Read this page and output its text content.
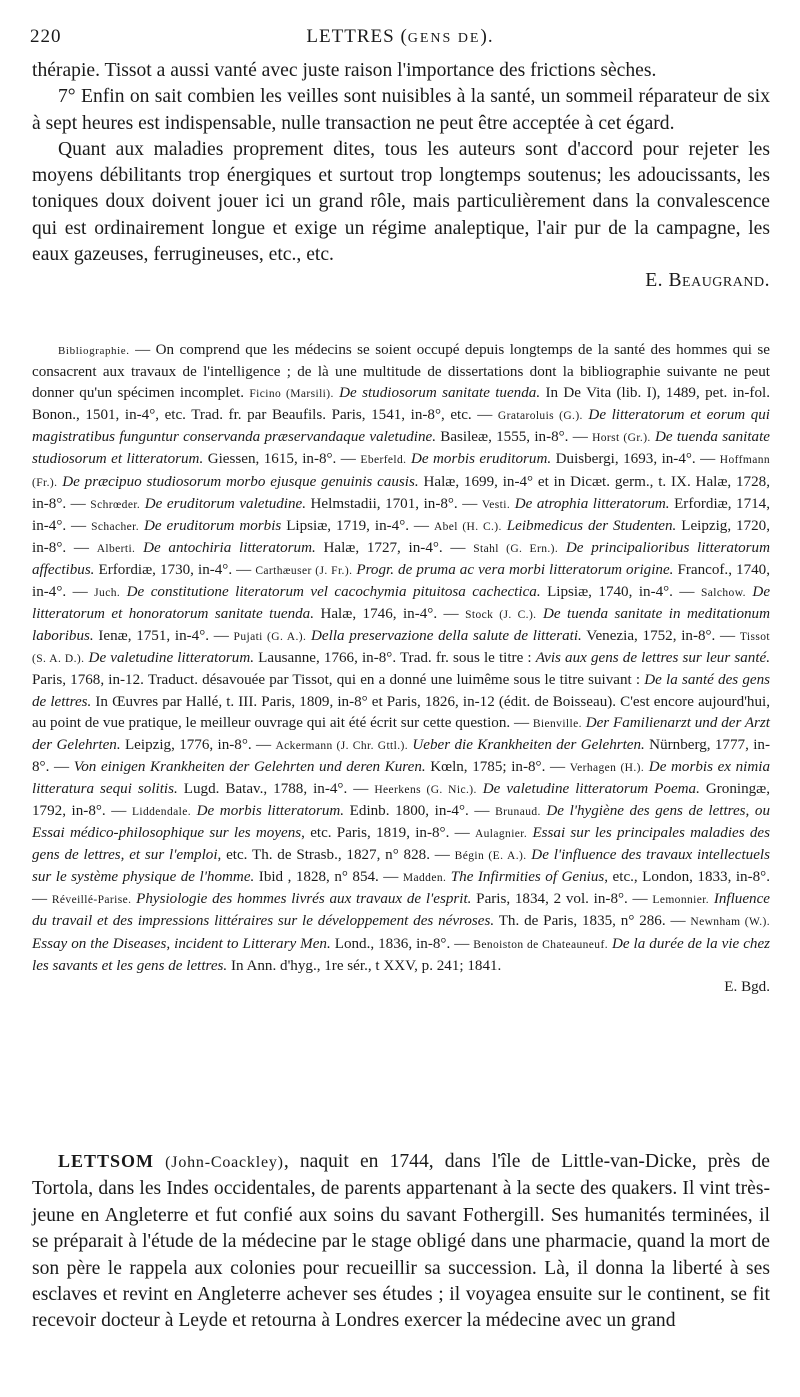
220	LETTRES (GENS DE).

thérapie. Tissot a aussi vanté avec juste raison l'importance des frictions sèches.

7° Enfin on sait combien les veilles sont nuisibles à la santé, un sommeil réparateur de six à sept heures est indispensable, nulle transaction ne peut être acceptée à cet égard.

Quant aux maladies proprement dites, tous les auteurs sont d'accord pour rejeter les moyens débilitants trop énergiques et surtout trop longtemps soutenus; les adoucissants, les toniques doux doivent jouer ici un grand rôle, mais particulièrement dans la convalescence qui est ordinairement longue et exige un régime analeptique, l'air pur de la campagne, les eaux gazeuses, ferrugineuses, etc., etc.

E. Beaugrand.

Bibliographie. — On comprend que les médecins se soient occupé depuis longtemps de la santé des hommes qui se consacrent aux travaux de l'intelligence ; de là une multitude de dissertations dont la bibliographie suivante ne peut donner qu'un spécimen incomplet. Ficino (Marsili). De studiosorum sanitate tuenda. In De Vita (lib. I), 1489, pet. in-fol. Bonon., 1501, in-4°, etc. Trad. fr. par Beaufils. Paris, 1541, in-8°, etc. — Grataroluis (G.). De litteratorum et eorum qui magistratibus funguntur conservanda præservandaque valetudine. Basileæ, 1555, in-8°. — Horst (Gr.). De tuenda sanitate studiosorum et litteratorum. Giessen, 1615, in-8°. — Eberfeld. De morbis eruditorum. Duisbergi, 1693, in-4°. — Hoffmann (Fr.). De præcipuo studiosorum morbo ejusque genuinis causis. Halæ, 1699, in-4° et in Dicæt. germ., t. IX. Halæ, 1728, in-8°. — Schrœder. De eruditorum valetudine. Helmstadii, 1701, in-8°. — Vesti. De atrophia litteratorum. Erfordiæ, 1714, in-4°. — Schacher. De eruditorum morbis Lipsiæ, 1719, in-4°. — Abel (H. C.). Leibmedicus der Studenten. Leipzig, 1720, in-8°. — Alberti. De antochiria litteratorum. Halæ, 1727, in-4°. — Stahl (G. Ern.). De principalioribus litteratorum affectibus. Erfordiæ, 1730, in-4°. — Carthæuser (J. Fr.). Progr. de pruma ac vera morbi litteratorum origine. Francof., 1740, in-4°. — Juch. De constitutione literatorum vel cacochymia pituitosa cachectica. Lipsiæ, 1740, in-4°. — Salchow. De litteratorum et honoratorum sanitate tuenda. Halæ, 1746, in-4°. — Stock (J. C.). De tuenda sanitate in meditationum laboribus. Ienæ, 1751, in-4°. — Pujati (G. A.). Della preservazione della salute de litterati. Venezia, 1752, in-8°. — Tissot (S. A. D.). De valetudine litteratorum. Lausanne, 1766, in-8°. Trad. fr. sous le titre : Avis aux gens de lettres sur leur santé. Paris, 1768, in-12. Traduct. désavouée par Tissot, qui en a donné une luimême sous le titre suivant : De la santé des gens de lettres. In Œuvres par Hallé, t. III. Paris, 1809, in-8° et Paris, 1826, in-12 (édit. de Boisseau). C'est encore aujourd'hui, au point de vue pratique, le meilleur ouvrage qui ait été écrit sur cette question. — Bienville. Der Familienarzt und der Arzt der Gelehrten. Leipzig, 1776, in-8°. — Ackermann (J. Chr. Gttl.). Ueber die Krankheiten der Gelehrten. Nürnberg, 1777, in-8°. — Von einigen Krankheiten der Gelehrten und deren Kuren. Kœln, 1785; in-8°. — Verhagen (H.). De morbis ex nimia litteratura sequi solitis. Lugd. Batav., 1788, in-4°. — Heerkens (G. Nic.). De valetudine litteratorum Poema. Groningæ, 1792, in-8°. — Liddendale. De morbis litteratorum. Edinb. 1800, in-4°. — Brunaud. De l'hygiène des gens de lettres, ou Essai médico-philosophique sur les moyens, etc. Paris, 1819, in-8°. — Aulagnier. Essai sur les principales maladies des gens de lettres, et sur l'emploi, etc. Th. de Strasb., 1827, n° 828. — Bégin (E. A.). De l'influence des travaux intellectuels sur le système physique de l'homme. Ibid , 1828, n° 854. — Madden. The Infirmities of Genius, etc., London, 1833, in-8°. — Réveillé-Parise. Physiologie des hommes livrés aux travaux de l'esprit. Paris, 1834, 2 vol. in-8°. — Lemonnier. Influence du travail et des impressions littéraires sur le développement des névroses. Th. de Paris, 1835, n° 286. — Newnham (W.). Essay on the Diseases, incident to Litterary Men. Lond., 1836, in-8°. — Benoiston de Chateauneuf. De la durée de la vie chez les savants et les gens de lettres. In Ann. d'hyg., 1re sér., t XXV, p. 241; 1841.

E. Bgd.

LETTSOM (John-Coackley), naquit en 1744, dans l'île de Little-van-Dicke, près de Tortola, dans les Indes occidentales, de parents appartenant à la secte des quakers. Il vint très-jeune en Angleterre et fut confié aux soins du savant Fothergill. Ses humanités terminées, il se préparait à l'étude de la médecine par le stage obligé dans une pharmacie, quand la mort de son père le rappela aux colonies pour recueillir sa succession. Là, il donna la liberté à ses esclaves et revint en Angleterre achever ses études ; il voyagea ensuite sur le continent, se fit recevoir docteur à Leyde et retourna à Londres exercer la médecine avec un grand
